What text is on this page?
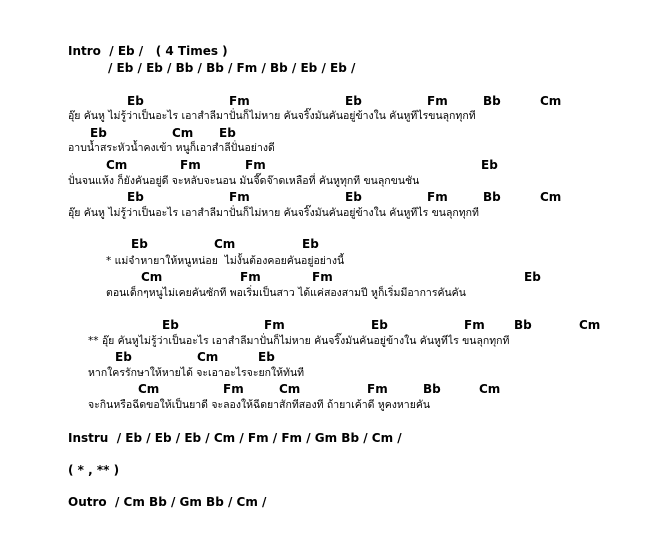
Intro  / Eb /   ( 4 Times )
/ Eb / Eb / Bb / Bb / Fm / Bb / Eb / Eb /

Eb

	Fm

	Eb

	Fm

	Bb

	Cm

อุ๊ย คันหู ไม่รู้ว่าเป็นอะไร เอาสำลีมาปั่นก็ไม่หาย คันจริ๊งมันคันอยู่ข้างใน คันหูทีไรขนลุกทุกที

Eb

	Cm

Eb

อาบน้ำสระหัวน้ำคงเข้า หนูก็เอาสำลีปั่นอย่างดี

Cm

	Fm

	Fm

	Eb

ปั่นจนแห้ง ก็ยังคันอยู่ดี จะหลับจะนอน มันจี๊ดจ๊าดเหลือที่ คันหูทุกที ขนลุกขนชัน

Eb

	Fm

	Eb

	Fm

	Bb

	Cm

อุ๊ย คันหู ไม่รู้ว่าเป็นอะไร เอาสำลีมาปั่นก็ไม่หาย คันจริ๊งมันคันอยู่ข้างใน คันหูทีไร ขนลุกทุกที

Eb

	Cm

	Eb

* แม่จำหายาให้หนูหน่อย  ไม่งั้นต้องคอยคันอยู่อย่างนี้

Cm

	Fm

	Fm

	Eb

ตอนเด็กๆหนูไม่เคยคันซักที พอเริ่มเป็นสาว ได้แค่สองสามปี หูก็เริ่มมีอาการคันคัน

Eb

	Fm

	Eb

	Fm

Bb

	Cm

** อุ๊ย คันหูไม่รู้ว่าเป็นอะไร เอาสำลีมาปั่นก็ไม่หาย คันจริ๊งมันคันอยู่ข้างใน คันหูทีไร ขนลุกทุกที

Eb

	Cm

	Eb

หากใครรักษาให้หายได้ จะเอาอะไรจะยกให้ทันที

Cm

	Fm

	Cm

	Fm

	Bb

	Cm

จะกินหรือฉีดขอให้เป็นยาดี จะลองให้ฉีดยาสักทีสองที ถ้ายาเค้าดี หูคงหายคัน
Instru  / Eb / Eb / Eb / Cm / Fm / Fm / Gm Bb / Cm /
( * , ** )
Outro  / Cm Bb / Gm Bb / Cm /
